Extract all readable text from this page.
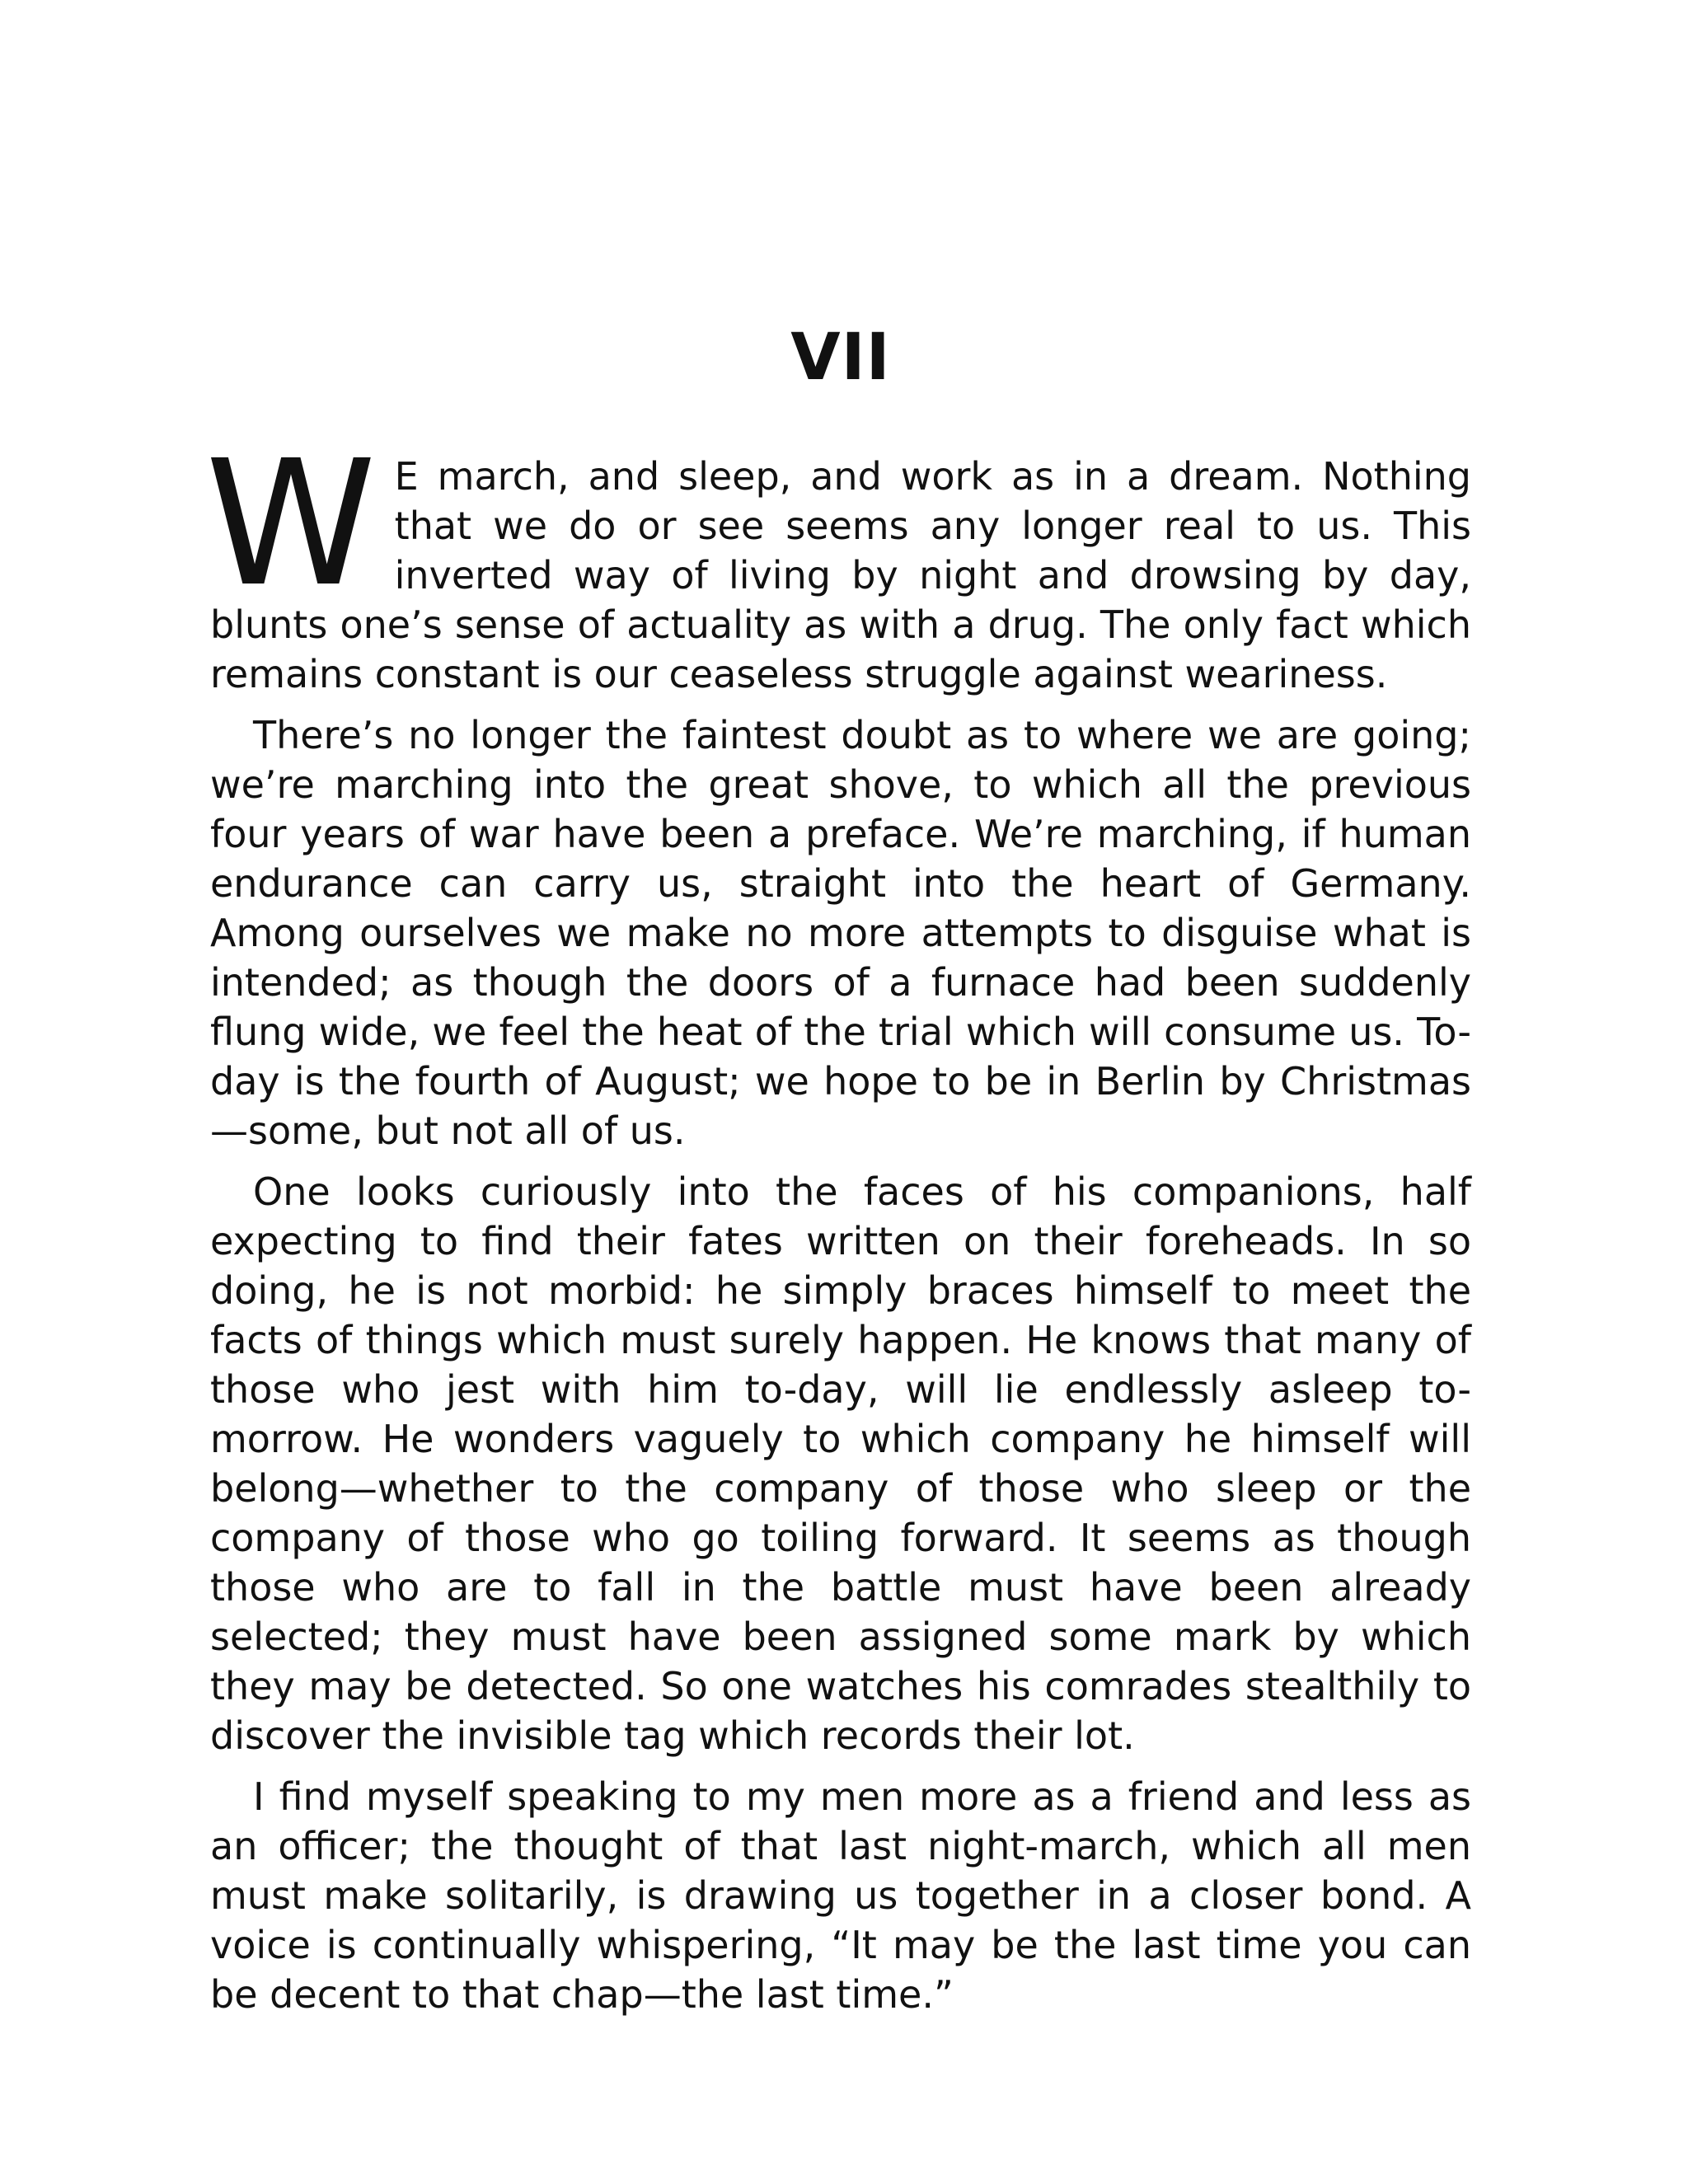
VII

W E march, and sleep, and work as in a dream. Nothing that we do or see seems any longer real to us. This inverted way of living by night and drowsing by day, blunts one’s sense of actuality as with a drug. The only fact which remains constant is our ceaseless struggle against weariness.

There’s no longer the faintest doubt as to where we are going; we’re marching into the great shove, to which all the previous four years of war have been a preface. We’re marching, if human endurance can carry us, straight into the heart of Germany. Among ourselves we make no more attempts to disguise what is intended; as though the doors of a furnace had been suddenly flung wide, we feel the heat of the trial which will consume us. To-day is the fourth of August; we hope to be in Berlin by Christmas—some, but not all of us.

One looks curiously into the faces of his companions, half expecting to find their fates written on their foreheads. In so doing, he is not morbid: he simply braces himself to meet the facts of things which must surely happen. He knows that many of those who jest with him to-day, will lie endlessly asleep to-morrow. He wonders vaguely to which company he himself will belong—whether to the company of those who sleep or the company of those who go toiling forward. It seems as though those who are to fall in the battle must have been already selected; they must have been assigned some mark by which they may be detected. So one watches his comrades stealthily to discover the invisible tag which records their lot.

I find myself speaking to my men more as a friend and less as an officer; the thought of that last night-march, which all men must make solitarily, is drawing us together in a closer bond. A voice is continually whispering, “It may be the last time you can be decent to that chap—the last time.”
